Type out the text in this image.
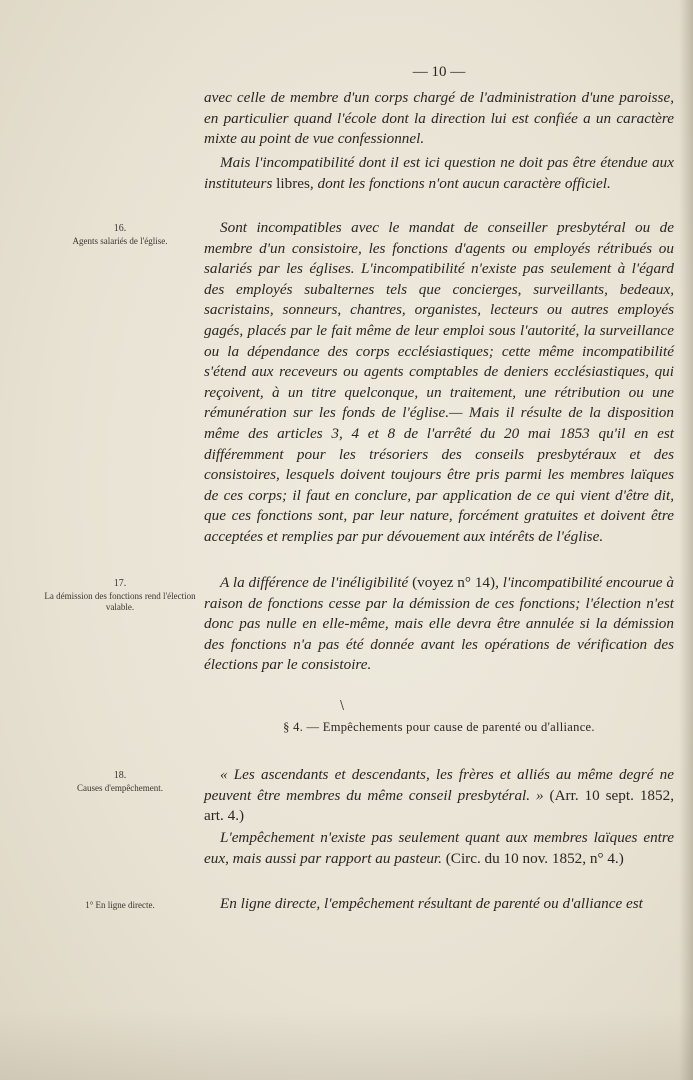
— 10 —
avec celle de membre d'un corps chargé de l'administration d'une paroisse, en particulier quand l'école dont la direction lui est confiée a un caractère mixte au point de vue confessionnel.
Mais l'incompatibilité dont il est ici question ne doit pas être étendue aux instituteurs libres, dont les fonctions n'ont aucun caractère officiel.
16.
Agents salariés de l'église.
Sont incompatibles avec le mandat de conseiller presbytéral ou de membre d'un consistoire, les fonctions d'agents ou employés rétribués ou salariés par les églises. L'incompatibilité n'existe pas seulement à l'égard des employés subalternes tels que concierges, surveillants, bedeaux, sacristains, sonneurs, chantres, organistes, lecteurs ou autres employés gagés, placés par le fait même de leur emploi sous l'autorité, la surveillance ou la dépendance des corps ecclésiastiques; cette même incompatibilité s'étend aux receveurs ou agents comptables de deniers ecclésiastiques, qui reçoivent, à un titre quelconque, un traitement, une rétribution ou une rémunération sur les fonds de l'église.— Mais il résulte de la disposition même des articles 3, 4 et 8 de l'arrêté du 20 mai 1853 qu'il en est différemment pour les trésoriers des conseils presbytéraux et des consistoires, lesquels doivent toujours être pris parmi les membres laïques de ces corps; il faut en conclure, par application de ce qui vient d'être dit, que ces fonctions sont, par leur nature, forcément gratuites et doivent être acceptées et remplies par pur dévouement aux intérêts de l'église.
17.
La démission des fonctions rend l'élection valable.
A la différence de l'inéligibilité (voyez n° 14), l'incompatibilité encourue à raison de fonctions cesse par la démission de ces fonctions; l'élection n'est donc pas nulle en elle-même, mais elle devra être annulée si la démission des fonctions n'a pas été donnée avant les opérations de vérification des élections par le consistoire.
\
§ 4. — Empêchements pour cause de parenté ou d'alliance.
18.
Causes d'empêchement.
« Les ascendants et descendants, les frères et alliés au même degré ne peuvent être membres du même conseil presbytéral. » (Arr. 10 sept. 1852, art. 4.)
L'empêchement n'existe pas seulement quant aux membres laïques entre eux, mais aussi par rapport au pasteur. (Circ. du 10 nov. 1852, n° 4.)
1° En ligne directe.	En ligne directe, l'empêchement résultant de parenté ou d'alliance est
